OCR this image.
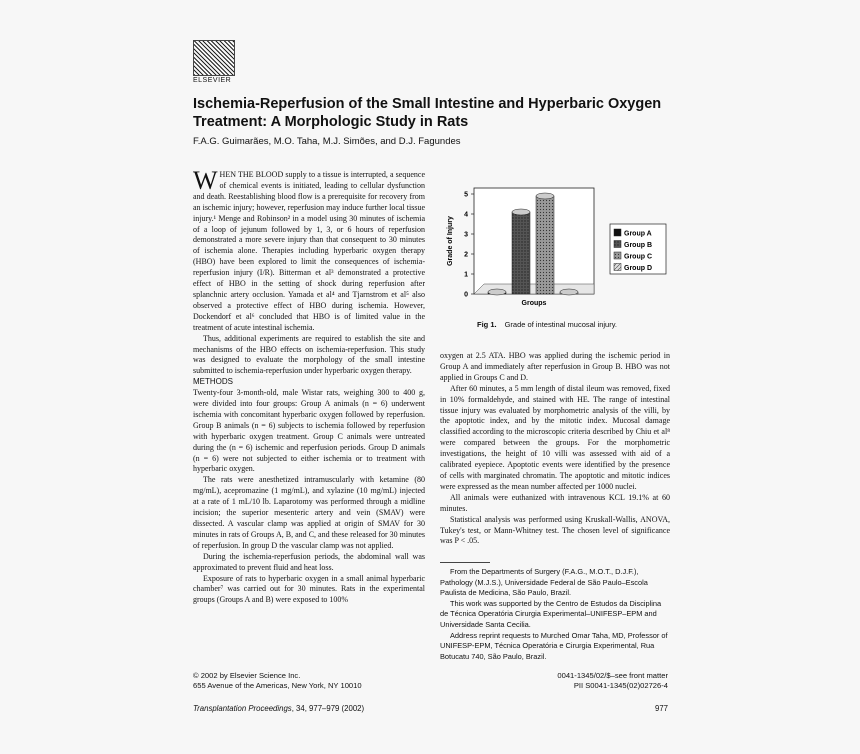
ELSEVIER
Ischemia-Reperfusion of the Small Intestine and Hyperbaric Oxygen Treatment: A Morphologic Study in Rats
F.A.G. Guimarães, M.O. Taha, M.J. Simões, and D.J. Fagundes

WHEN THE BLOOD supply to a tissue is interrupted, a sequence of chemical events is initiated, leading to cellular dysfunction and death. Reestablishing blood flow is a prerequisite for recovery from an ischemic injury; however, reperfusion may induce further local tissue injury.¹ Menge and Robinson² in a model using 30 minutes of ischemia of a loop of jejunum followed by 1, 3, or 6 hours of reperfusion demonstrated a more severe injury than that consequent to 30 minutes of ischemia alone. Therapies including hyperbaric oxygen therapy (HBO) have been explored to limit the consequences of ischemia-reperfusion injury (I/R). Bitterman et al³ demonstrated a protective effect of HBO in the setting of shock during reperfusion after splanchnic artery occlusion. Yamada et al⁴ and Tjarnstrom et al⁵ also observed a protective effect of HBO during ischemia. However, Dockendorf et al⁶ concluded that HBO is of limited value in the treatment of acute intestinal ischemia.

Thus, additional experiments are required to establish the site and mechanisms of the HBO effects on ischemia-reperfusion. This study was designed to evaluate the morphology of the small intestine submitted to ischemia-reperfusion under hyperbaric oxygen therapy.

METHODS

Twenty-four 3-month-old, male Wistar rats, weighing 300 to 400 g, were divided into four groups: Group A animals (n = 6) underwent ischemia with concomitant hyperbaric oxygen followed by reperfusion. Group B animals (n = 6) subjects to ischemia followed by reperfusion with hyperbaric oxygen treatment. Group C animals were untreated during the (n = 6) ischemic and reperfusion periods. Group D animals (n = 6) were not subjected to either ischemia or to treatment with hyperbaric oxygen.

The rats were anesthetized intramuscularly with ketamine (80 mg/mL), acepromazine (1 mg/mL), and xylazine (10 mg/mL) injected at a rate of 1 mL/10 lb. Laparotomy was performed through a midline incision; the superior mesenteric artery and vein (SMAV) were dissected. A vascular clamp was applied at origin of SMAV for 30 minutes in rats of Groups A, B, and C, and these released for 30 minutes of reperfusion. In group D the vascular clamp was not applied.

During the ischemia-reperfusion periods, the abdominal wall was approximated to prevent fluid and heat loss.

Exposure of rats to hyperbaric oxygen in a small animal hyperbaric chamber⁷ was carried out for 30 minutes. Rats in the experimental groups (Groups A and B) were exposed to 100%

0
1
2
3
4
5
Grade of Injury
Groups
Group A
Group B
Group C
Group D
Fig 1. Grade of intestinal mucosal injury.

oxygen at 2.5 ATA. HBO was applied during the ischemic period in Group A and immediately after reperfusion in Group B. HBO was not applied in Groups C and D.

After 60 minutes, a 5 mm length of distal ileum was removed, fixed in 10% formaldehyde, and stained with HE. The range of intestinal tissue injury was evaluated by morphometric analysis of the villi, by the apoptotic index, and by the mitotic index. Mucosal damage classified according to the microscopic criteria described by Chiu et al⁸ were compared between the groups. For the morphometric investigations, the height of 10 villi was assessed with aid of a calibrated eyepiece. Apoptotic events were identified by the presence of cells with marginated chromatin. The apoptotic and mitotic indices were expressed as the mean number affected per 1000 nuclei.

All animals were euthanized with intravenous KCL 19.1% at 60 minutes.

Statistical analysis was performed using Kruskall-Wallis, ANOVA, Tukey's test, or Mann-Whitney test. The chosen level of significance was P < .05.

From the Departments of Surgery (F.A.G., M.O.T., D.J.F.), Pathology (M.J.S.), Universidade Federal de São Paulo–Escola Paulista de Medicina, São Paulo, Brazil.

This work was supported by the Centro de Estudos da Disciplina de Técnica Operatória Cirurgia Experimental–UNIFESP–EPM and Universidade Santa Cecilia.

Address reprint requests to Murched Omar Taha, MD, Professor of UNIFESP-EPM, Técnica Operatória e Cirurgia Experimental, Rua Botucatu 740, São Paulo, Brazil.

© 2002 by Elsevier Science Inc.
655 Avenue of the Americas, New York, NY 10010
0041-1345/02/$–see front matter
PII S0041-1345(02)02726-4
Transplantation Proceedings, 34, 977–979 (2002)	977
